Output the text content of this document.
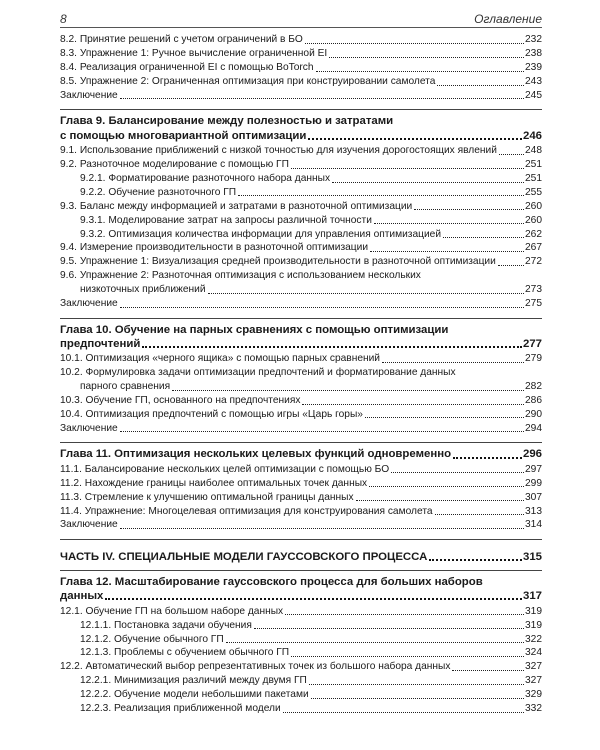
8	Оглавление
8.2. Принятие решений с учетом ограничений в БО	232
8.3. Упражнение 1: Ручное вычисление ограниченной EI	238
8.4. Реализация ограниченной EI с помощью BoTorch	239
8.5. Упражнение 2: Ограниченная оптимизация при конструировании самолета	243
Заключение	245
Глава 9. Балансирование между полезностью и затратами
с помощью многовариантной оптимизации	246
9.1. Использование приближений с низкой точностью для изучения дорогостоящих явлений	248
9.2. Разноточное моделирование с помощью ГП	251
9.2.1. Форматирование разноточного набора данных	251
9.2.2. Обучение разноточного ГП	255
9.3. Баланс между информацией и затратами в разноточной оптимизации	260
9.3.1. Моделирование затрат на запросы различной точности	260
9.3.2. Оптимизация количества информации для управления оптимизацией	262
9.4. Измерение производительности в разноточной оптимизации	267
9.5. Упражнение 1: Визуализация средней производительности в разноточной оптимизации	272
9.6. Упражнение 2: Разноточная оптимизация с использованием нескольких
низкоточных приближений	273
Заключение	275
Глава 10. Обучение на парных сравнениях с помощью оптимизации
предпочтений	277
10.1. Оптимизация «черного ящика» с помощью парных сравнений	279
10.2. Формулировка задачи оптимизации предпочтений и форматирование данных
парного сравнения	282
10.3. Обучение ГП, основанного на предпочтениях	286
10.4. Оптимизация предпочтений с помощью игры «Царь горы»	290
Заключение	294
Глава 11. Оптимизация нескольких целевых функций одновременно	296
11.1. Балансирование нескольких целей оптимизации с помощью БО	297
11.2. Нахождение границы наиболее оптимальных точек данных	299
11.3. Стремление к улучшению оптимальной границы данных	307
11.4. Упражнение: Многоцелевая оптимизация для конструирования самолета	313
Заключение	314
ЧАСТЬ IV. СПЕЦИАЛЬНЫЕ МОДЕЛИ ГАУССОВСКОГО ПРОЦЕССА	315
Глава 12. Масштабирование гауссовского процесса для больших наборов
данных	317
12.1. Обучение ГП на большом наборе данных	319
12.1.1. Постановка задачи обучения	319
12.1.2. Обучение обычного ГП	322
12.1.3. Проблемы с обучением обычного ГП	324
12.2. Автоматический выбор репрезентативных точек из большого набора данных	327
12.2.1. Минимизация различий между двумя ГП	327
12.2.2. Обучение модели небольшими пакетами	329
12.2.3. Реализация приближенной модели	332
